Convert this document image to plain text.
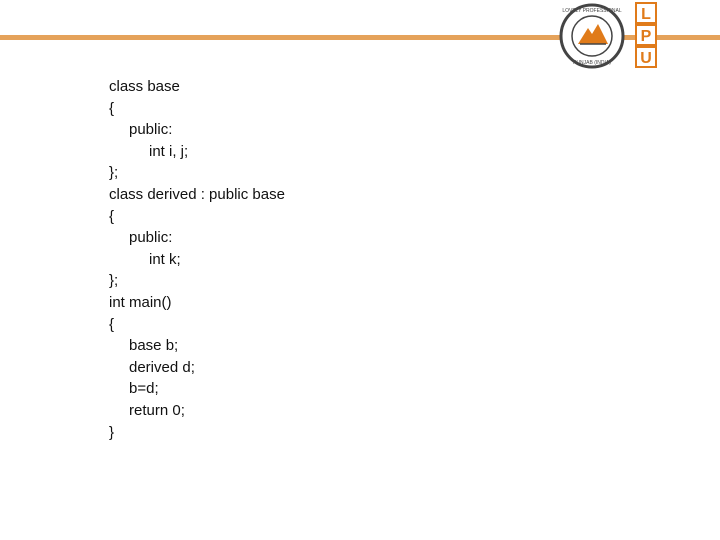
LOVELY PROFESSIONAL
PUNJAB (INDIA)
L
P
U
class base
{
public:
int i, j;
};
class derived : public base
{
public:
int k;
};
int main()
{
base b;
derived d;
b=d;
return 0;
}
